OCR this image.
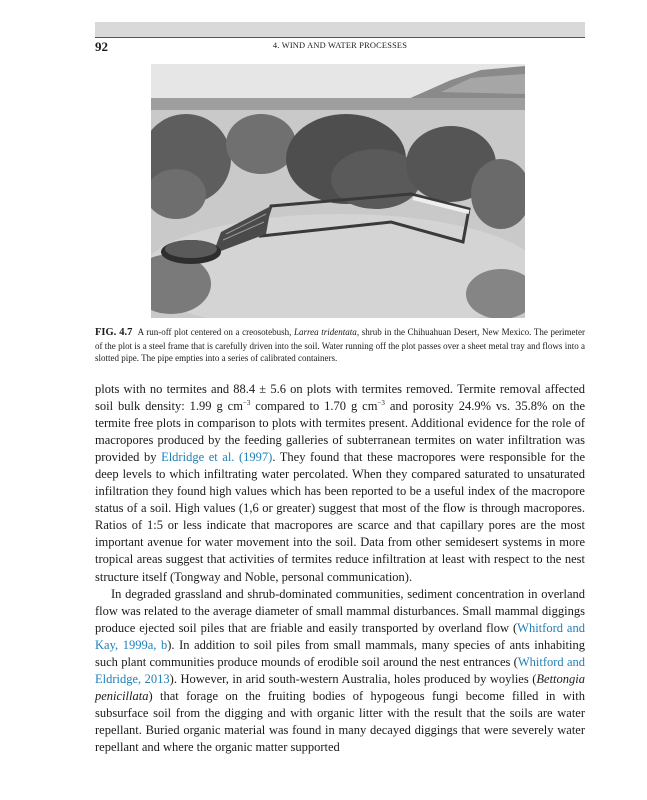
92	4. WIND AND WATER PROCESSES
FIG. 4.7 A run-off plot centered on a creosotebush, Larrea tridentata, shrub in the Chihuahuan Desert, New Mexico. The perimeter of the plot is a steel frame that is carefully driven into the soil. Water running off the plot passes over a sheet metal tray and flows into a slotted pipe. The pipe empties into a series of calibrated containers.

plots with no termites and 88.4 ± 5.6 on plots with termites removed. Termite removal affected soil bulk density: 1.99 g $cm^{-3}$ compared to 1.70 g $cm^{-3}$ and porosity 24.9% vs. 35.8% on the termite free plots in comparison to plots with termites present. Additional evidence for the role of macropores produced by the feeding galleries of subterranean termites on water infiltration was provided by Eldridge et al. (1997). They found that these macropores were responsible for the deep levels to which infiltrating water percolated. When they compared saturated to unsaturated infiltration they found high values which has been reported to be a useful index of the macropore status of a soil. High values (1,6 or greater) suggest that most of the flow is through macropores. Ratios of 1:5 or less indicate that macropores are scarce and that capillary pores are the most important avenue for water movement into the soil. Data from other semidesert systems in more tropical areas suggest that activities of termites reduce infiltration at least with respect to the nest structure itself (Tongway and Noble, personal communication).

In degraded grassland and shrub-dominated communities, sediment concentration in overland flow was related to the average diameter of small mammal disturbances. Small mammal diggings produce ejected soil piles that are friable and easily transported by overland flow (Whitford and Kay, 1999a, b). In addition to soil piles from small mammals, many species of ants inhabiting such plant communities produce mounds of erodible soil around the nest entrances (Whitford and Eldridge, 2013). However, in arid south-western Australia, holes produced by woylies (Bettongia penicillata) that forage on the fruiting bodies of hypogeous fungi become filled in with subsurface soil from the digging and with organic litter with the result that the soils are water repellant. Buried organic material was found in many decayed diggings that were severely water repellant and where the organic matter supported
